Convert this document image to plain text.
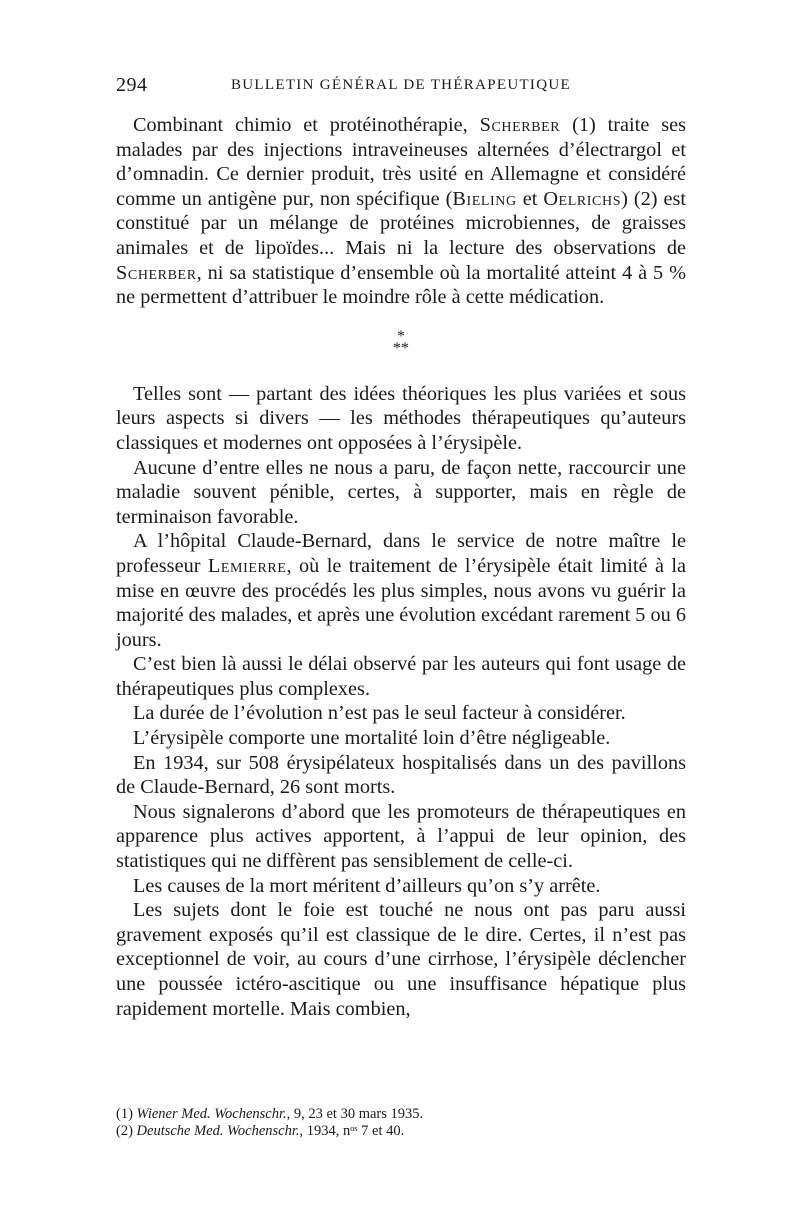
294	BULLETIN GÉNÉRAL DE THÉRAPEUTIQUE

Combinant chimio et protéinothérapie, Scherber (1) traite ses malades par des injections intraveineuses alternées d’électrargol et d’omnadin. Ce dernier produit, très usité en Allemagne et considéré comme un antigène pur, non spécifique (Bieling et Oelrichs) (2) est constitué par un mélange de protéines microbiennes, de graisses animales et de lipoïdes... Mais ni la lecture des observations de Scherber, ni sa statistique d’ensemble où la mortalité atteint 4 à 5 % ne permettent d’attribuer le moindre rôle à cette médication.

*
**

Telles sont — partant des idées théoriques les plus variées et sous leurs aspects si divers — les méthodes thérapeutiques qu’auteurs classiques et modernes ont opposées à l’érysipèle.

Aucune d’entre elles ne nous a paru, de façon nette, raccourcir une maladie souvent pénible, certes, à supporter, mais en règle de terminaison favorable.

A l’hôpital Claude-Bernard, dans le service de notre maître le professeur Lemierre, où le traitement de l’érysipèle était limité à la mise en œuvre des procédés les plus simples, nous avons vu guérir la majorité des malades, et après une évolution excédant rarement 5 ou 6 jours.

C’est bien là aussi le délai observé par les auteurs qui font usage de thérapeutiques plus complexes.

La durée de l’évolution n’est pas le seul facteur à considérer.

L’érysipèle comporte une mortalité loin d’être négligeable.

En 1934, sur 508 érysipélateux hospitalisés dans un des pavillons de Claude-Bernard, 26 sont morts.

Nous signalerons d’abord que les promoteurs de thérapeutiques en apparence plus actives apportent, à l’appui de leur opinion, des statistiques qui ne diffèrent pas sensiblement de celle-ci.

Les causes de la mort méritent d’ailleurs qu’on s’y arrête.

Les sujets dont le foie est touché ne nous ont pas paru aussi gravement exposés qu’il est classique de le dire. Certes, il n’est pas exceptionnel de voir, au cours d’une cirrhose, l’érysipèle déclencher une poussée ictéro-ascitique ou une insuffisance hépatique plus rapidement mortelle. Mais combien,

(1) Wiener Med. Wochenschr., 9, 23 et 30 mars 1935.
(2) Deutsche Med. Wochenschr., 1934, nᵒˢ 7 et 40.
